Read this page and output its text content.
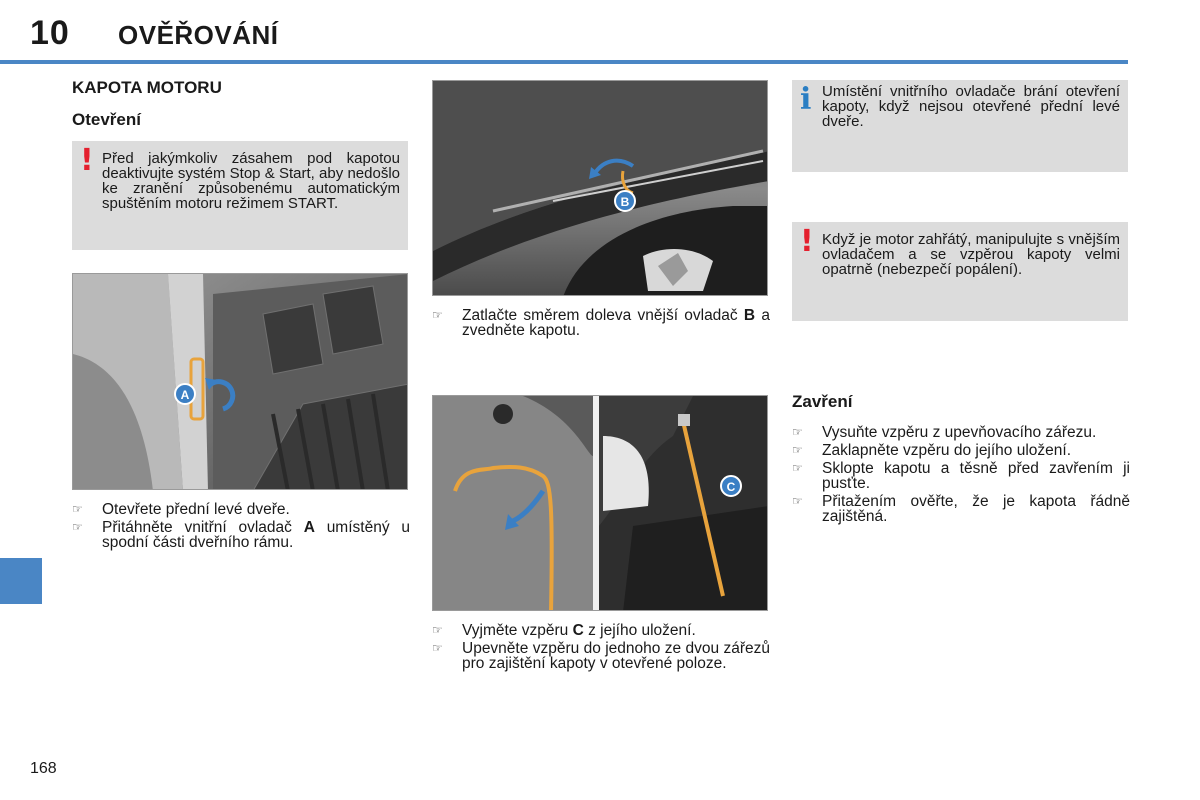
10 OVĚŘOVÁNÍ
KAPOTA MOTORU
Otevření
! Před jakýmkoliv zásahem pod kapotou deaktivujte systém Stop & Start, aby nedošlo ke zranění způsobenému automatickým spuštěním motoru režimem START.
A
☞ Otevřete přední levé dveře.
☞ Přitáhněte vnitřní ovladač A umístěný u spodní části dveřního rámu.
B
☞ Zatlačte směrem doleva vnější ovladač B a zvedněte kapotu.
C
☞ Vyjměte vzpěru C z jejího uložení.
☞ Upevněte vzpěru do jednoho ze dvou zářezů pro zajištění kapoty v otevřené poloze.
i Umístění vnitřního ovladače brání otevření kapoty, když nejsou otevřené přední levé dveře.
! Když je motor zahřátý, manipulujte s vnějším ovladačem a se vzpěrou kapoty velmi opatrně (nebezpečí popálení).
Zavření
☞ Vysuňte vzpěru z upevňovacího zářezu.
☞ Zaklapněte vzpěru do jejího uložení.
☞ Sklopte kapotu a těsně před zavřením ji pusťte.
☞ Přitažením ověřte, že je kapota řádně zajištěná.
168
